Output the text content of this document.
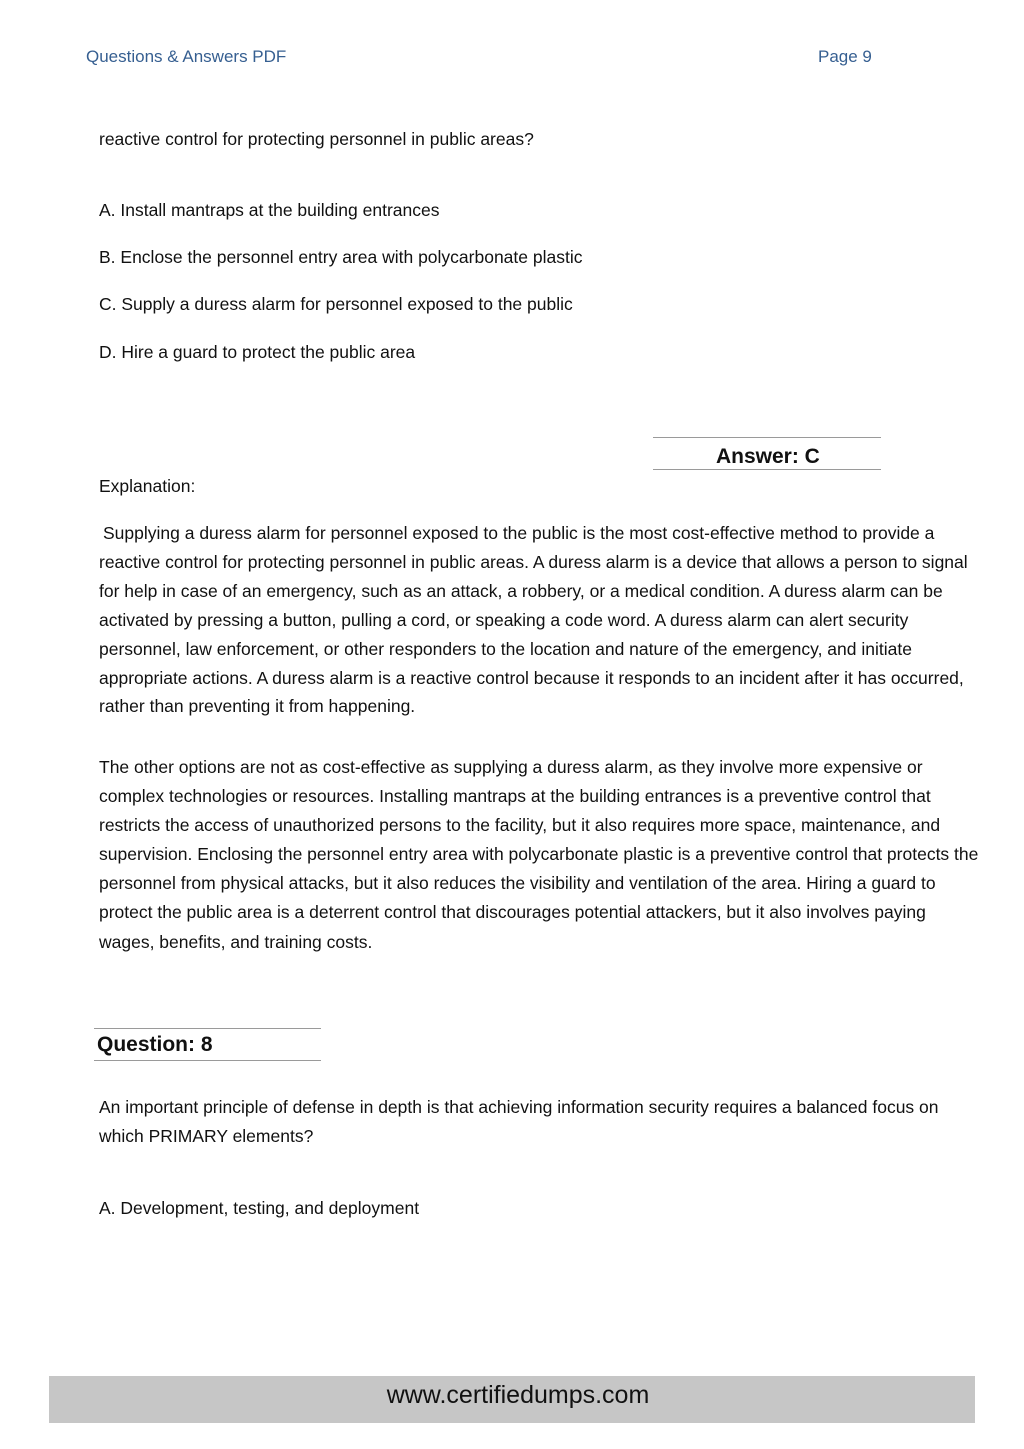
Questions & Answers PDF	Page 9
reactive control for protecting personnel in public areas?
A. Install mantraps at the building entrances
B. Enclose the personnel entry area with polycarbonate plastic
C. Supply a duress alarm for personnel exposed to the public
D. Hire a guard to protect the public area
Answer: C
Explanation:
Supplying a duress alarm for personnel exposed to the public is the most cost-effective method to provide a reactive control for protecting personnel in public areas. A duress alarm is a device that allows a person to signal for help in case of an emergency, such as an attack, a robbery, or a medical condition. A duress alarm can be activated by pressing a button, pulling a cord, or speaking a code word. A duress alarm can alert security personnel, law enforcement, or other responders to the location and nature of the emergency, and initiate appropriate actions. A duress alarm is a reactive control because it responds to an incident after it has occurred, rather than preventing it from happening.
The other options are not as cost-effective as supplying a duress alarm, as they involve more expensive or complex technologies or resources. Installing mantraps at the building entrances is a preventive control that restricts the access of unauthorized persons to the facility, but it also requires more space, maintenance, and supervision. Enclosing the personnel entry area with polycarbonate plastic is a preventive control that protects the personnel from physical attacks, but it also reduces the visibility and ventilation of the area. Hiring a guard to protect the public area is a deterrent control that discourages potential attackers, but it also involves paying wages, benefits, and training costs.
Question: 8
An important principle of defense in depth is that achieving information security requires a balanced focus on which PRIMARY elements?
A. Development, testing, and deployment
www.certifiedumps.com
